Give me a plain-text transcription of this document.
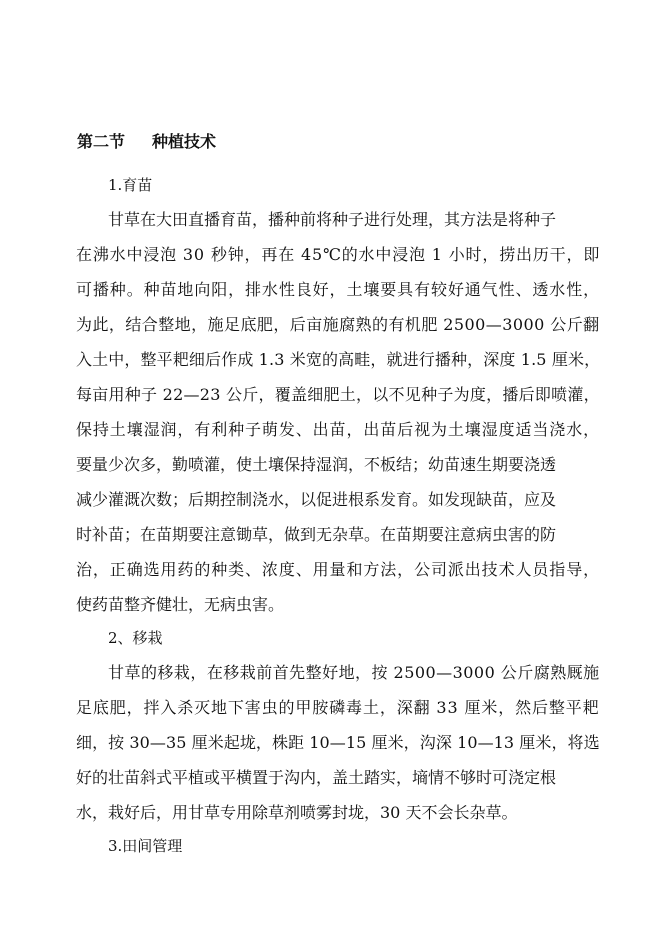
第二节 种植技术
1.育苗
甘草在大田直播育苗，播种前将种子进行处理，其方法是将种子
在沸水中浸泡 30 秒钟，再在 45℃的水中浸泡 1 小时，捞出历干，即
可播种。种苗地向阳，排水性良好，土壤要具有较好通气性、透水性，
为此，结合整地，施足底肥，后亩施腐熟的有机肥 2500—3000 公斤翻
入土中，整平耙细后作成 1.3 米宽的高畦，就进行播种，深度 1.5 厘米，
每亩用种子 22—23 公斤，覆盖细肥土，以不见种子为度，播后即喷灌，
保持土壤湿润，有利种子萌发、出苗，出苗后视为土壤湿度适当浇水，
要量少次多，勤喷灌，使土壤保持湿润，不板结；幼苗速生期要浇透
减少灌溉次数；后期控制浇水，以促进根系发育。如发现缺苗，应及
时补苗；在苗期要注意锄草，做到无杂草。在苗期要注意病虫害的防
治，正确选用药的种类、浓度、用量和方法，公司派出技术人员指导，
使药苗整齐健壮，无病虫害。
2、移栽
甘草的移栽，在移栽前首先整好地，按 2500—3000 公斤腐熟厩施
足底肥，拌入杀灭地下害虫的甲胺磷毒土，深翻 33 厘米，然后整平耙
细，按 30—35 厘米起垅，株距 10—15 厘米，沟深 10—13 厘米，将选
好的壮苗斜式平植或平横置于沟内，盖土踏实，墒情不够时可浇定根
水，栽好后，用甘草专用除草剂喷雾封垅，30 天不会长杂草。
3.田间管理
